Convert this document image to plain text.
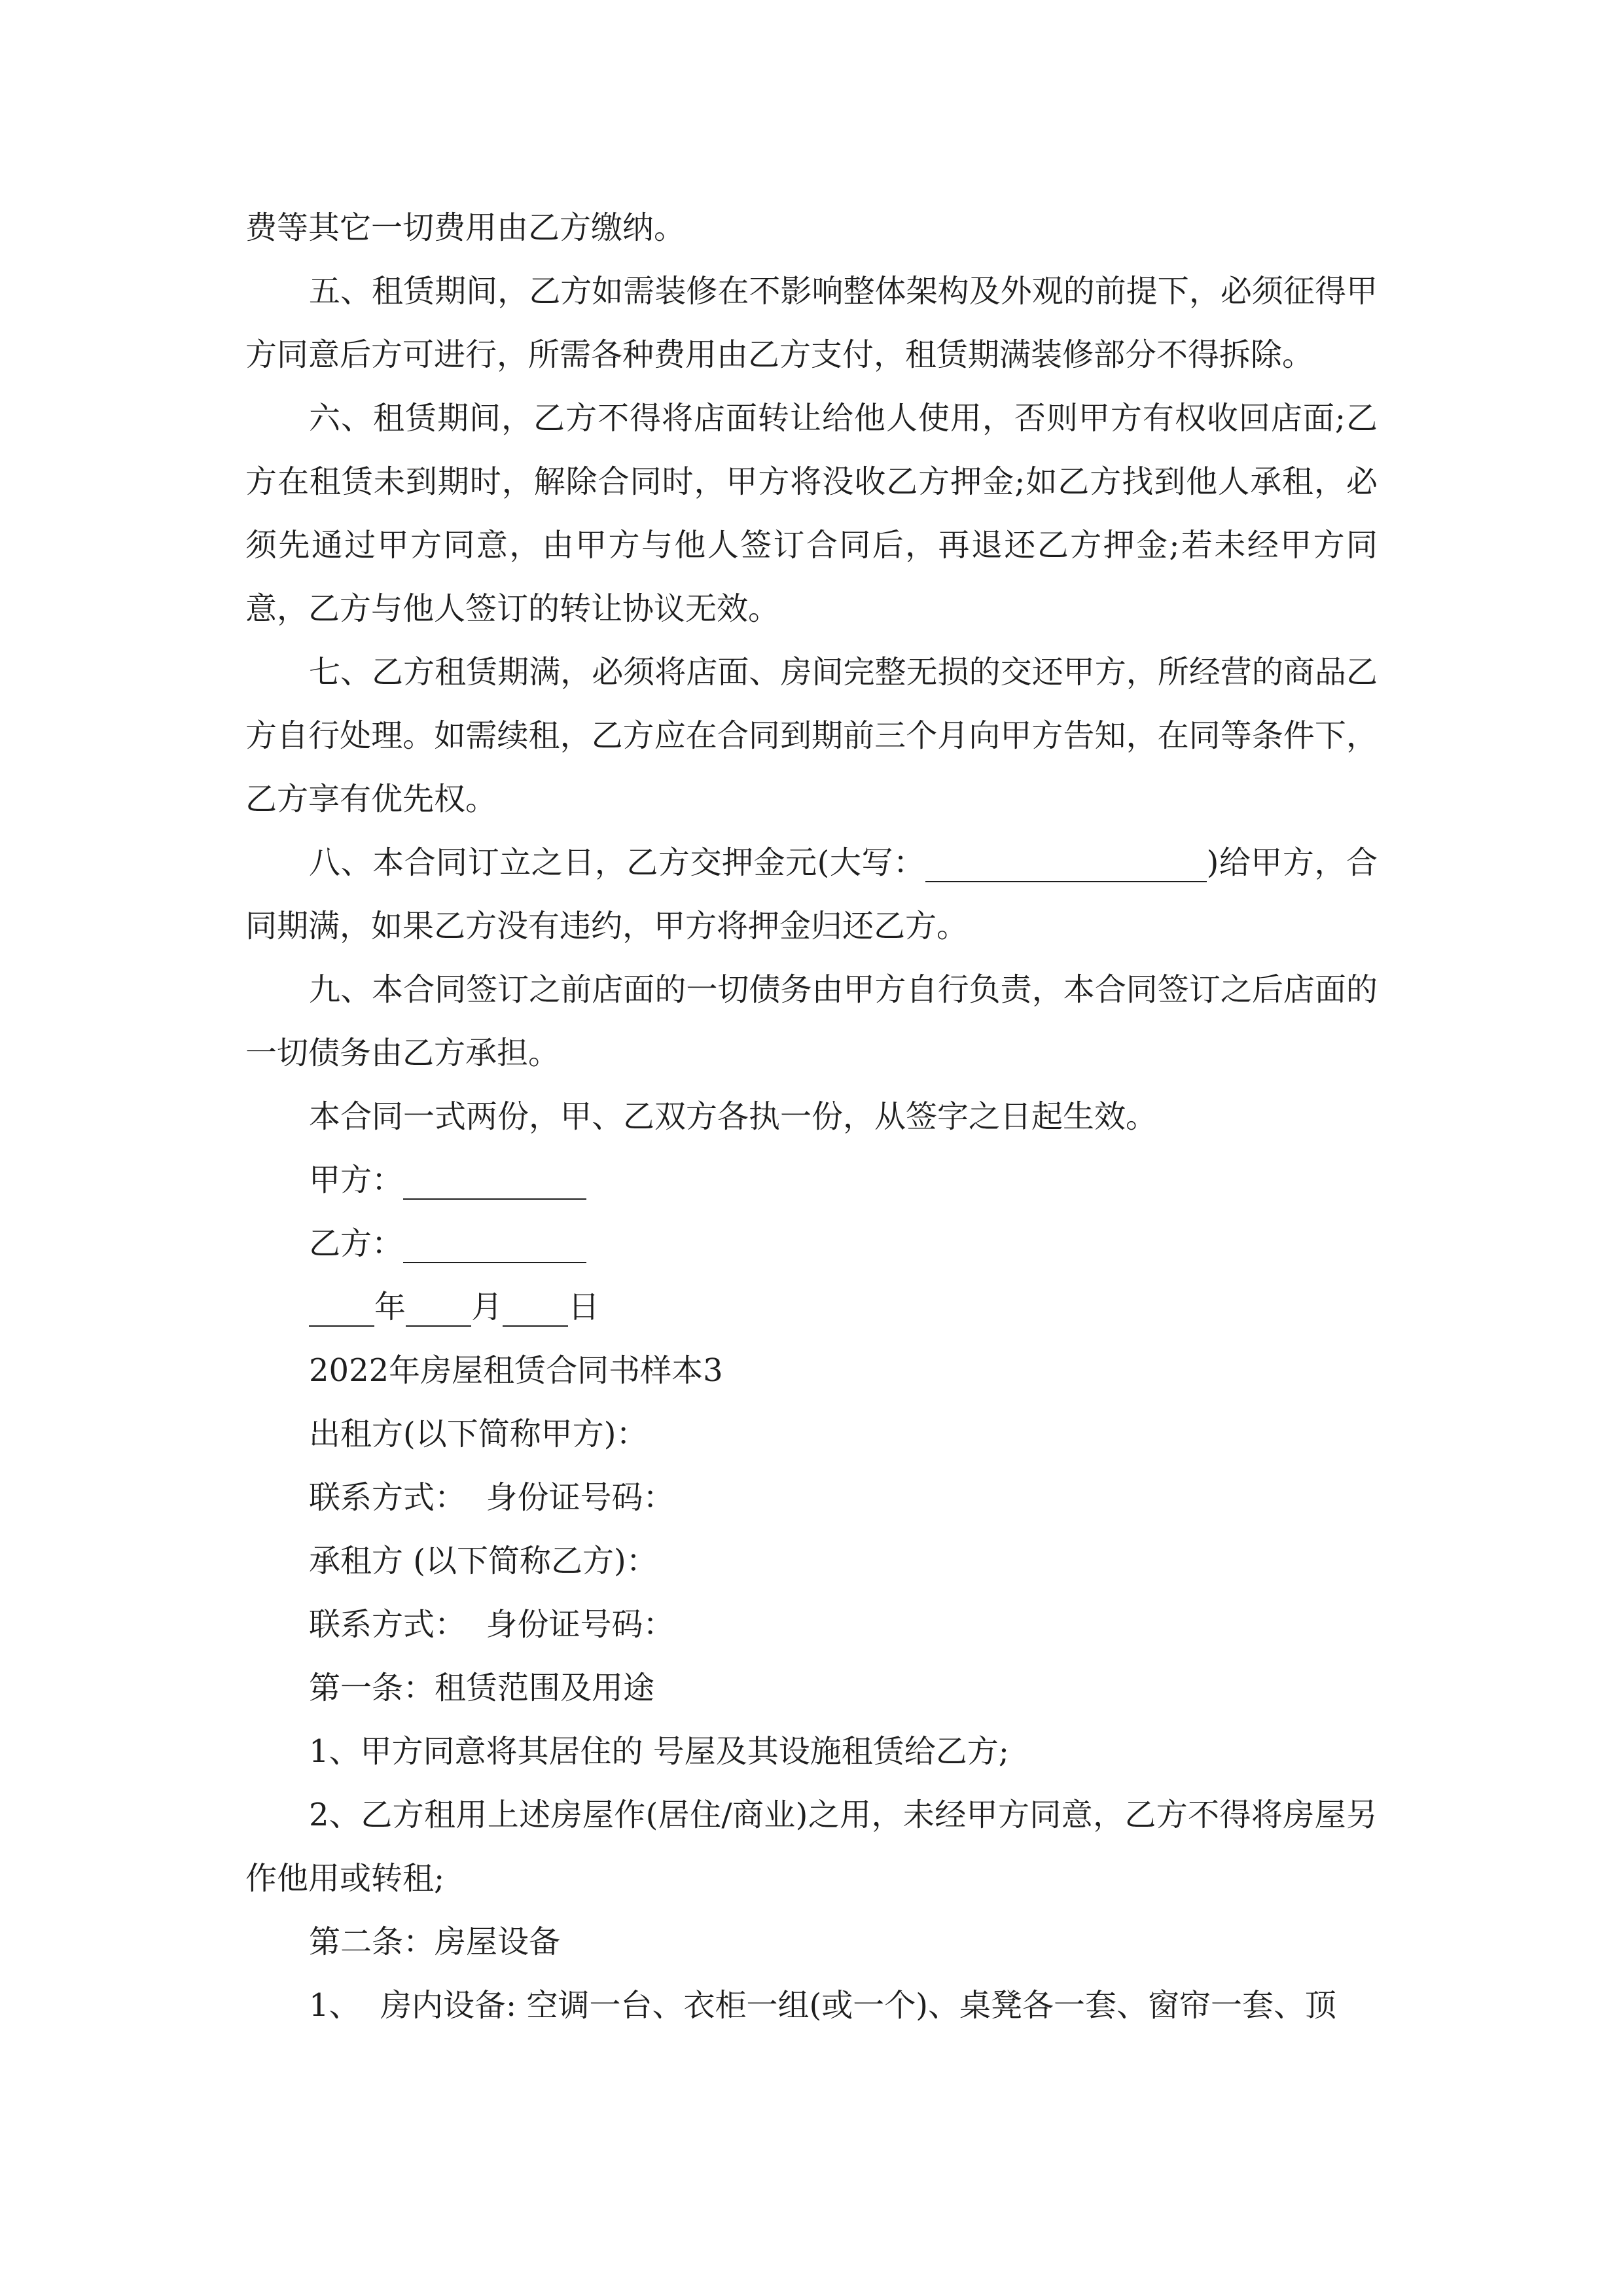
费等其它一切费用由乙方缴纳。

五、租赁期间，乙方如需装修在不影响整体架构及外观的前提下，必须征得甲方同意后方可进行，所需各种费用由乙方支付，租赁期满装修部分不得拆除。

六、租赁期间，乙方不得将店面转让给他人使用，否则甲方有权收回店面;乙方在租赁未到期时，解除合同时，甲方将没收乙方押金;如乙方找到他人承租，必须先通过甲方同意，由甲方与他人签订合同后，再退还乙方押金;若未经甲方同意，乙方与他人签订的转让协议无效。

七、乙方租赁期满，必须将店面、房间完整无损的交还甲方，所经营的商品乙方自行处理。如需续租，乙方应在合同到期前三个月向甲方告知，在同等条件下，乙方享有优先权。

八、本合同订立之日，乙方交押金元(大写：	)给甲方，合同期满，如果乙方没有违约，甲方将押金归还乙方。

九、本合同签订之前店面的一切债务由甲方自行负责，本合同签订之后店面的一切债务由乙方承担。

本合同一式两份，甲、乙双方各执一份，从签字之日起生效。

甲方：

乙方：

年 月 日

2022年房屋租赁合同书样本3

出租方(以下简称甲方)：

联系方式：  身份证号码：

承租方 (以下简称乙方)：

联系方式：  身份证号码：

第一条：租赁范围及用途

1、甲方同意将其居住的 号屋及其设施租赁给乙方;

2、乙方租用上述房屋作(居住/商业)之用，未经甲方同意，乙方不得将房屋另作他用或转租;

第二条：房屋设备

1、  房内设备: 空调一台、衣柜一组(或一个)、桌凳各一套、窗帘一套、顶
